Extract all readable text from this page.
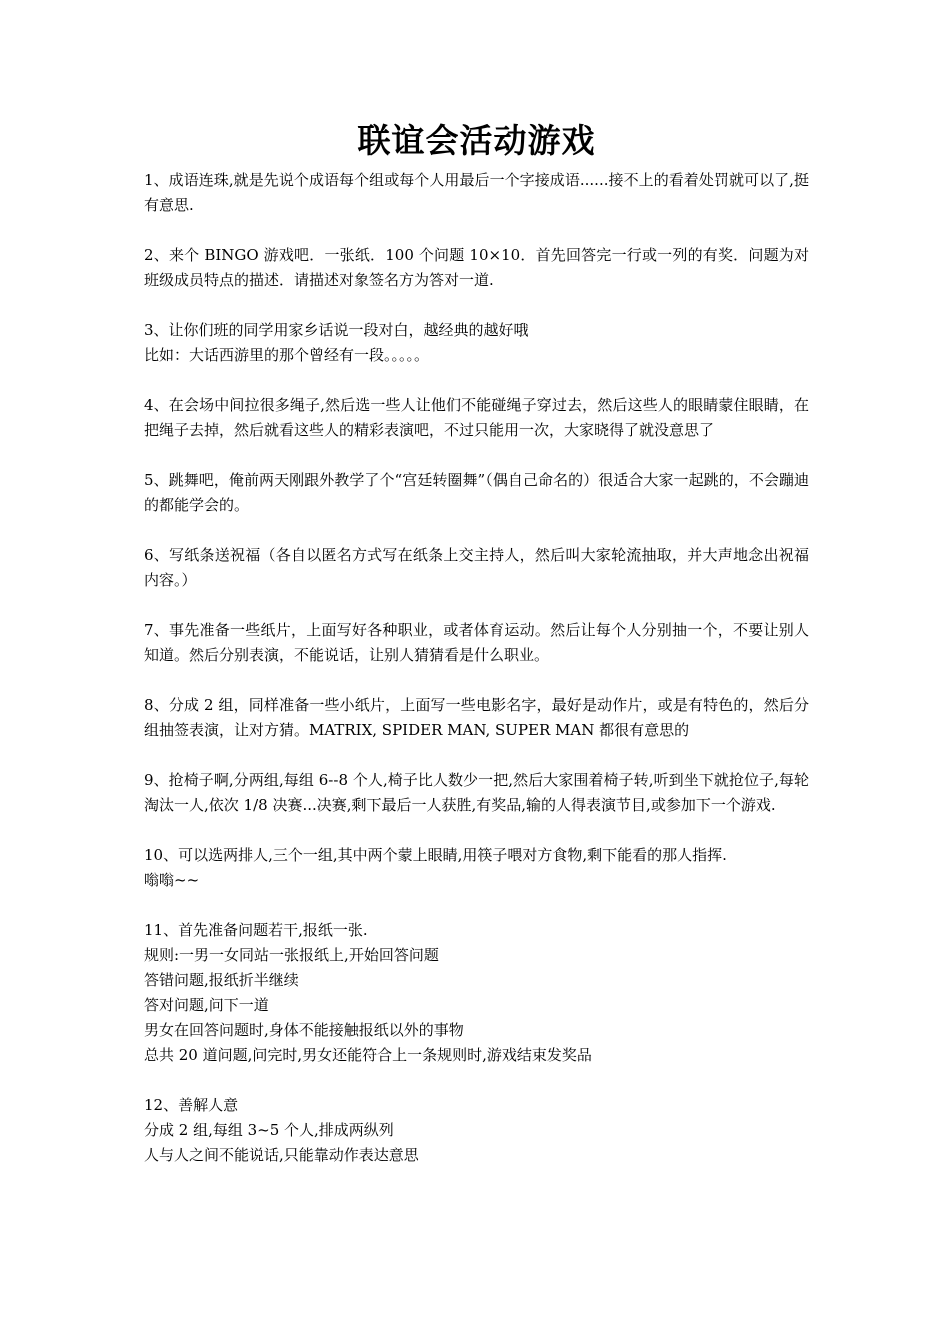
联谊会活动游戏
1、成语连珠,就是先说个成语每个组或每个人用最后一个字接成语......接不上的看着处罚就可以了,挺有意思.
2、来个 BINGO 游戏吧．一张纸．100 个问题 10×10．首先回答完一行或一列的有奖．问题为对班级成员特点的描述．请描述对象签名方为答对一道.
3、让你们班的同学用家乡话说一段对白，越经典的越好哦
比如：大话西游里的那个曾经有一段。。。。。
4、在会场中间拉很多绳子,然后选一些人让他们不能碰绳子穿过去，然后这些人的眼睛蒙住眼睛，在把绳子去掉，然后就看这些人的精彩表演吧，不过只能用一次，大家晓得了就没意思了
5、跳舞吧，俺前两天刚跟外教学了个“宫廷转圈舞”（偶自己命名的）很适合大家一起跳的，不会蹦迪的都能学会的。
6、写纸条送祝福（各自以匿名方式写在纸条上交主持人，然后叫大家轮流抽取，并大声地念出祝福内容。）
7、事先准备一些纸片，上面写好各种职业，或者体育运动。然后让每个人分别抽一个，不要让别人知道。然后分别表演，不能说话，让别人猜猜看是什么职业。
8、分成 2 组，同样准备一些小纸片，上面写一些电影名字，最好是动作片，或是有特色的，然后分组抽签表演，让对方猜。MATRIX, SPIDER MAN, SUPER MAN 都很有意思的
9、抢椅子啊,分两组,每组 6--8 个人,椅子比人数少一把,然后大家围着椅子转,听到坐下就抢位子,每轮淘汰一人,依次 1/8 决赛...决赛,剩下最后一人获胜,有奖品,输的人得表演节目,或参加下一个游戏.
10、可以选两排人,三个一组,其中两个蒙上眼睛,用筷子喂对方食物,剩下能看的那人指挥.
嗡嗡~~
11、首先准备问题若干,报纸一张.
规则:一男一女同站一张报纸上,开始回答问题
答错问题,报纸折半继续
答对问题,问下一道
男女在回答问题时,身体不能接触报纸以外的事物
总共 20 道问题,问完时,男女还能符合上一条规则时,游戏结束发奖品
12、善解人意
分成 2 组,每组 3~5 个人,排成两纵列
人与人之间不能说话,只能靠动作表达意思
